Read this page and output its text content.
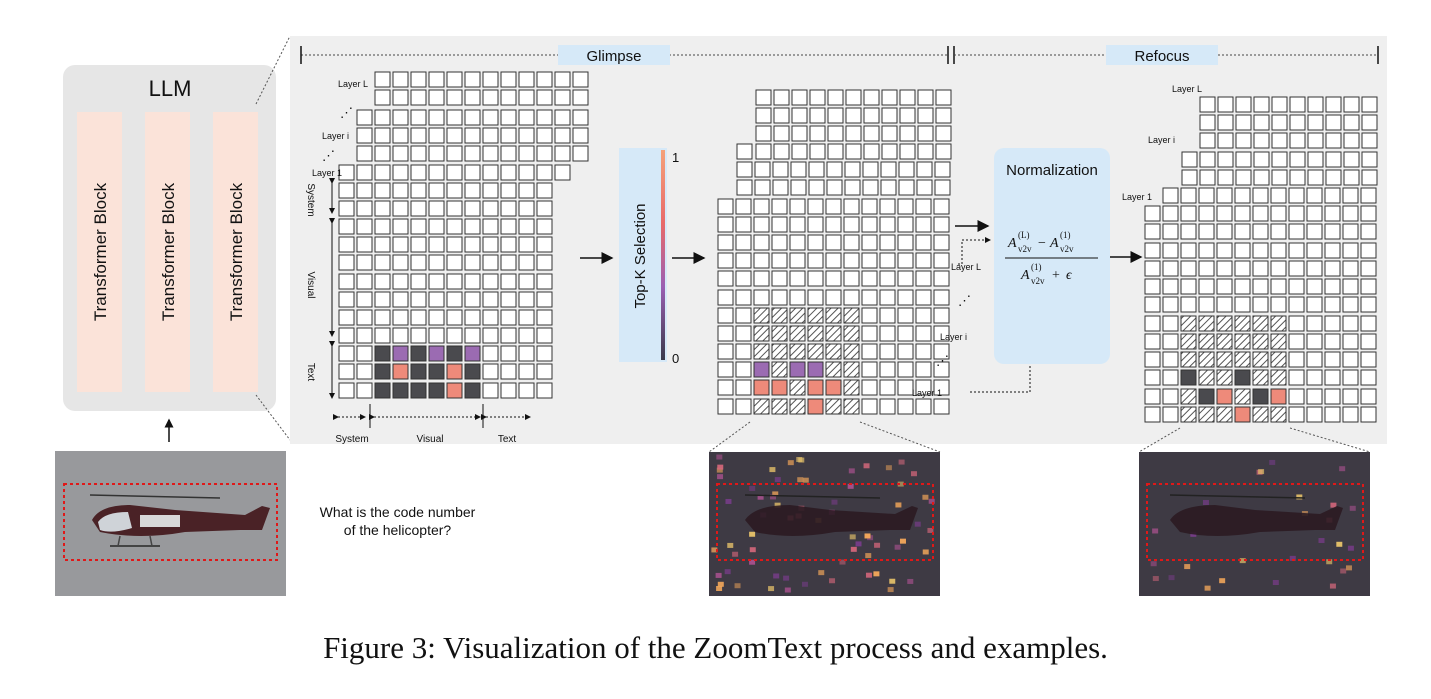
LLM
Transformer Block	Transformer Block	Transformer Block
Glimpse	Refocus
Layer L
⋰
Layer i
⋰
Layer 1
System
Visual
Text
System	Visual	Text
Top-K Selection
1
0
Layer L
⋰
Layer i
⋰
Layer 1
Normalization
A
(L)
v2v − A
(1)
v2v
A
(1)
v2v + ϵ
Layer L
Layer i
Layer 1
What is the code number
of the helicopter?
Figure 3: Visualization of the ZoomText process and examples.
